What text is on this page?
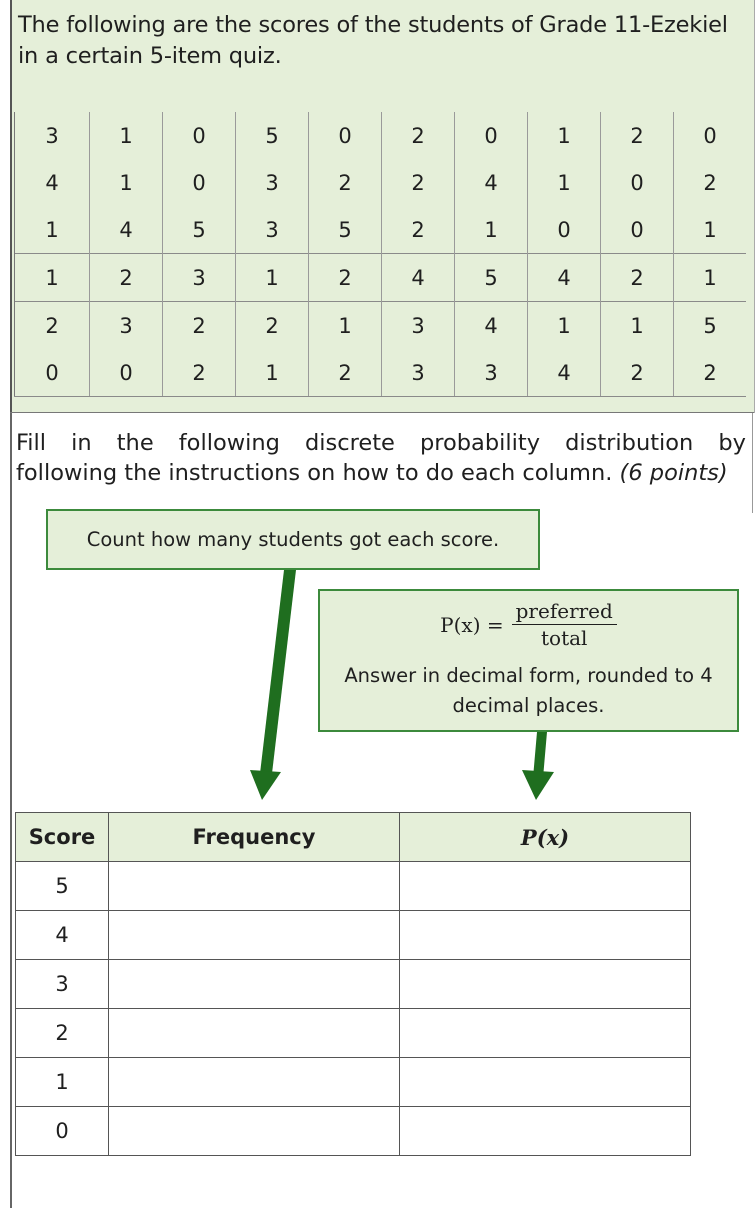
The following are the scores of the students of Grade 11-Ezekiel
in a certain 5-item quiz.
3	1	0	5	0	2	0	1	2	0
4	1	0	3	2	2	4	1	0	2
1	4	5	3	5	2	1	0	0	1
1	2	3	1	2	4	5	4	2	1
2	3	2	2	1	3	4	1	1	5
0	0	2	1	2	3	3	4	2	2
Fill in the following discrete probability distribution by
following the instructions on how to do each column. (6 points)
Count how many students got each score.
$P(x) = \frac{\text{preferred}}{\text{total}}$
Answer in decimal form, rounded to 4
decimal places.
Score	Frequency	P(x)
5		
4		
3		
2		
1		
0		
